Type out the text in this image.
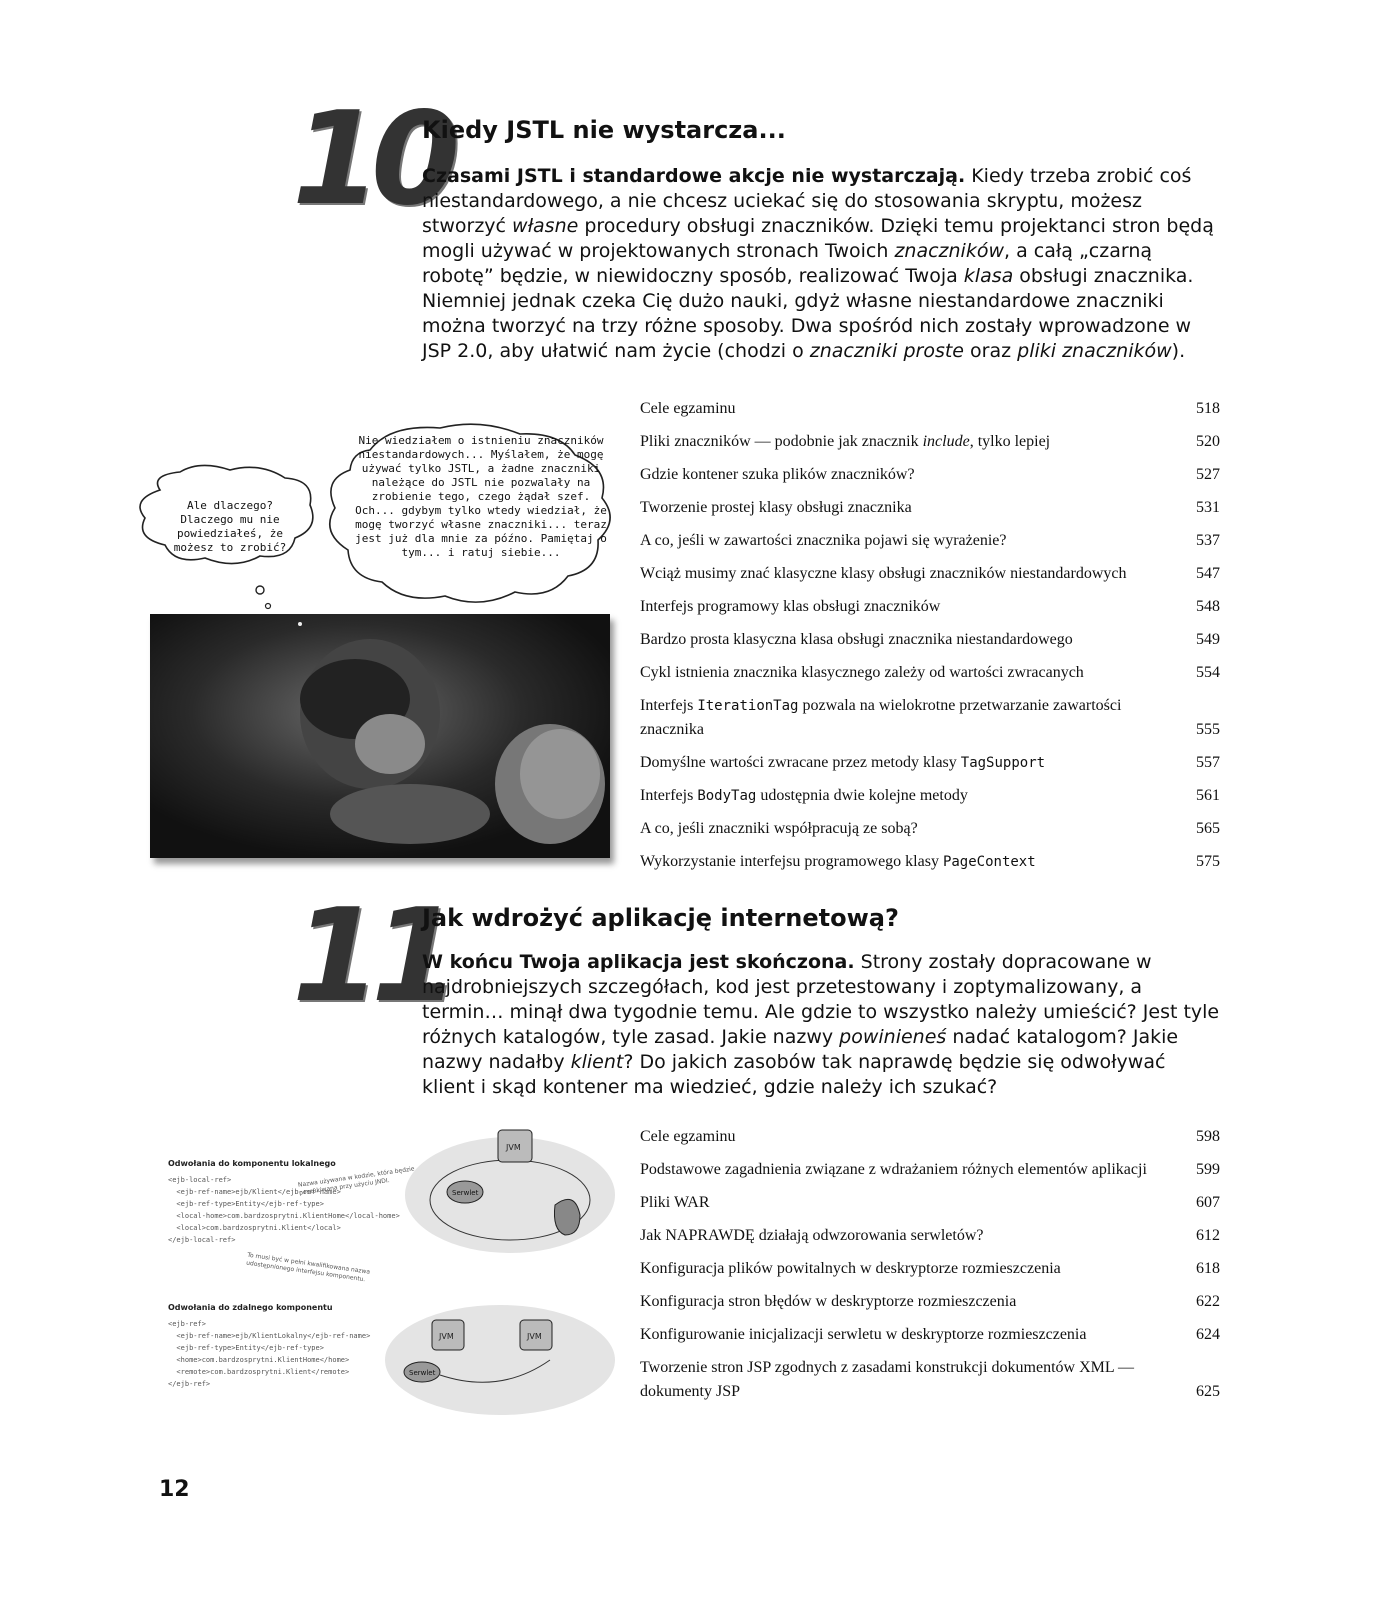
10
Kiedy JSTL nie wystarcza...
Czasami JSTL i standardowe akcje nie wystarczają. Kiedy trzeba zrobić coś niestandardowego, a nie chcesz uciekać się do stosowania skryptu, możesz stworzyć własne procedury obsługi znaczników. Dzięki temu projektanci stron będą mogli używać w projektowanych stronach Twoich znaczników, a całą „czarną robotę” będzie, w niewidoczny sposób, realizować Twoja klasa obsługi znacznika. Niemniej jednak czeka Cię dużo nauki, gdyż własne niestandardowe znaczniki można tworzyć na trzy różne sposoby. Dwa spośród nich zostały wprowadzone w JSP 2.0, aby ułatwić nam życie (chodzi o znaczniki proste oraz pliki znaczników).
Ale dlaczego? Dlaczego mu nie powiedziałeś, że możesz to zrobić?
Nie wiedziałem o istnieniu znaczników niestandardowych... Myślałem, że mogę używać tylko JSTL, a żadne znaczniki należące do JSTL nie pozwalały na zrobienie tego, czego żądał szef. Och... gdybym tylko wtedy wiedział, że mogę tworzyć własne znaczniki... teraz jest już dla mnie za późno. Pamiętaj o tym... i ratuj siebie...
Cele egzaminu	518
Pliki znaczników — podobnie jak znacznik include, tylko lepiej	520
Gdzie kontener szuka plików znaczników?	527
Tworzenie prostej klasy obsługi znacznika	531
A co, jeśli w zawartości znacznika pojawi się wyrażenie?	537
Wciąż musimy znać klasyczne klasy obsługi znaczników niestandardowych	547
Interfejs programowy klas obsługi znaczników	548
Bardzo prosta klasyczna klasa obsługi znacznika niestandardowego	549
Cykl istnienia znacznika klasycznego zależy od wartości zwracanych	554
Interfejs IterationTag pozwala na wielokrotne przetwarzanie zawartości znacznika	555
Domyślne wartości zwracane przez metody klasy TagSupport	557
Interfejs BodyTag udostępnia dwie kolejne metody	561
A co, jeśli znaczniki współpracują ze sobą?	565
Wykorzystanie interfejsu programowego klasy PageContext	575
11
Jak wdrożyć aplikację internetową?
W końcu Twoja aplikacja jest skończona. Strony zostały dopracowane w najdrobniejszych szczegółach, kod jest przetestowany i zoptymalizowany, a termin… minął dwa tygodnie temu. Ale gdzie to wszystko należy umieścić? Jest tyle różnych katalogów, tyle zasad. Jakie nazwy powinieneś nadać katalogom? Jakie nazwy nadałby klient? Do jakich zasobów tak naprawdę będzie się odwoływać klient i skąd kontener ma wiedzieć, gdzie należy ich szukać?
JVM
Serwlet
JVM	JVM
Serwlet
Odwołania do komponentu lokalnego
<ejb-local-ref>
<ejb-ref-name>ejb/Klient</ejb-ref-name>
<ejb-ref-type>Entity</ejb-ref-type>
<local-home>com.bardzosprytni.KlientHome</local-home>
<local>com.bardzosprytni.Klient</local>
</ejb-local-ref>
Nazwa używana w kodzie, która będzie poszukiwana przy użyciu JNDI.
To musi być w pełni kwalifikowana nazwa udostępnionego interfejsu komponentu.
Odwołania do zdalnego komponentu
<ejb-ref>
<ejb-ref-name>ejb/KlientLokalny</ejb-ref-name>
<ejb-ref-type>Entity</ejb-ref-type>
<home>com.bardzosprytni.KlientHome</home>
<remote>com.bardzosprytni.Klient</remote>
</ejb-ref>
Cele egzaminu	598
Podstawowe zagadnienia związane z wdrażaniem różnych elementów aplikacji	599
Pliki WAR	607
Jak NAPRAWDĘ działają odwzorowania serwletów?	612
Konfiguracja plików powitalnych w deskryptorze rozmieszczenia	618
Konfiguracja stron błędów w deskryptorze rozmieszczenia	622
Konfigurowanie inicjalizacji serwletu w deskryptorze rozmieszczenia	624
Tworzenie stron JSP zgodnych z zasadami konstrukcji dokumentów XML — dokumenty JSP	625
12
